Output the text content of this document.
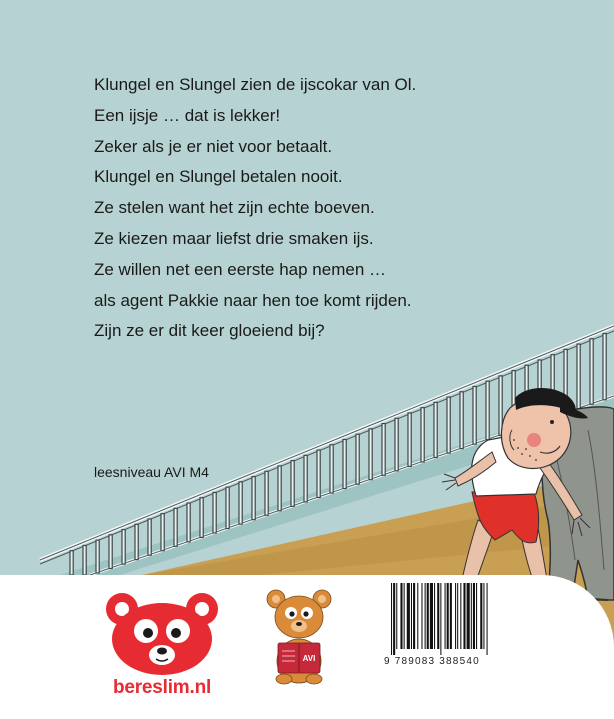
Klungel en Slungel zien de ijscokar van Ol.
Een ijsje … dat is lekker!
Zeker als je er niet voor betaalt.
Klungel en Slungel betalen nooit.
Ze stelen want het zijn echte boeven.
Ze kiezen maar liefst drie smaken ijs.
Ze willen net een eerste hap nemen …
als agent Pakkie naar hen toe komt rijden.
Zijn ze er dit keer gloeiend bij?
leesniveau AVI M4
bereslim.nl
AVI	9 789083 388540
